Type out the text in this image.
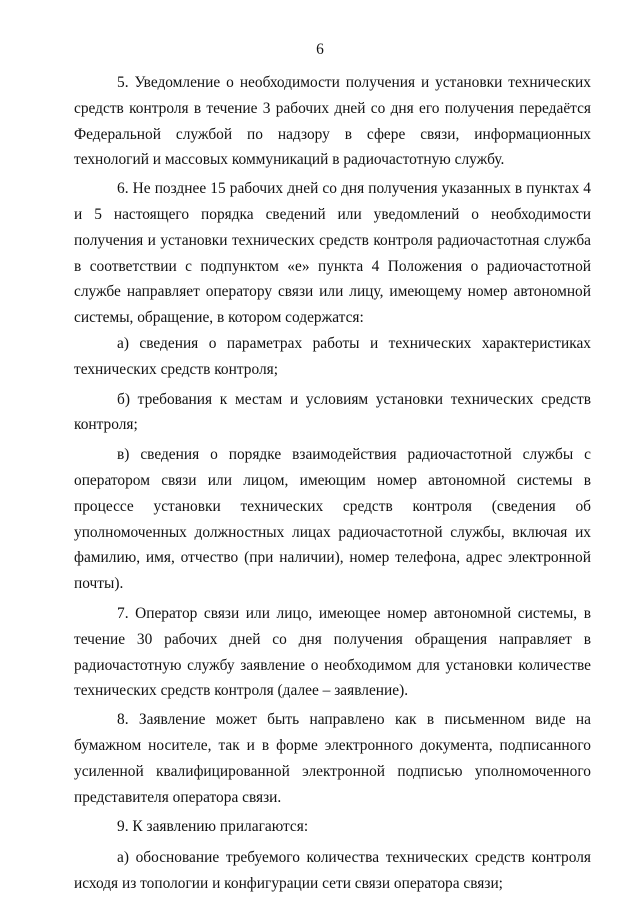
6

5. Уведомление о необходимости получения и установки технических средств контроля в течение 3 рабочих дней со дня его получения передаётся Федеральной службой по надзору в сфере связи, информационных технологий и массовых коммуникаций в радиочастотную службу.

6. Не позднее 15 рабочих дней со дня получения указанных в пунктах 4 и 5 настоящего порядка сведений или уведомлений о необходимости получения и установки технических средств контроля радиочастотная служба в соответствии с подпунктом «е» пункта 4 Положения о радиочастотной службе направляет оператору связи или лицу, имеющему номер автономной системы, обращение, в котором содержатся:

а) сведения о параметрах работы и технических характеристиках технических средств контроля;

б) требования к местам и условиям установки технических средств контроля;

в) сведения о порядке взаимодействия радиочастотной службы с оператором связи или лицом, имеющим номер автономной системы в процессе установки технических средств контроля (сведения об уполномоченных должностных лицах радиочастотной службы, включая их фамилию, имя, отчество (при наличии), номер телефона, адрес электронной почты).

7. Оператор связи или лицо, имеющее номер автономной системы, в течение 30 рабочих дней со дня получения обращения направляет в радиочастотную службу заявление о необходимом для установки количестве технических средств контроля (далее – заявление).

8. Заявление может быть направлено как в письменном виде на бумажном носителе, так и в форме электронного документа, подписанного усиленной квалифицированной электронной подписью уполномоченного представителя оператора связи.

9. К заявлению прилагаются:

а) обоснование требуемого количества технических средств контроля исходя из топологии и конфигурации сети связи оператора связи;
